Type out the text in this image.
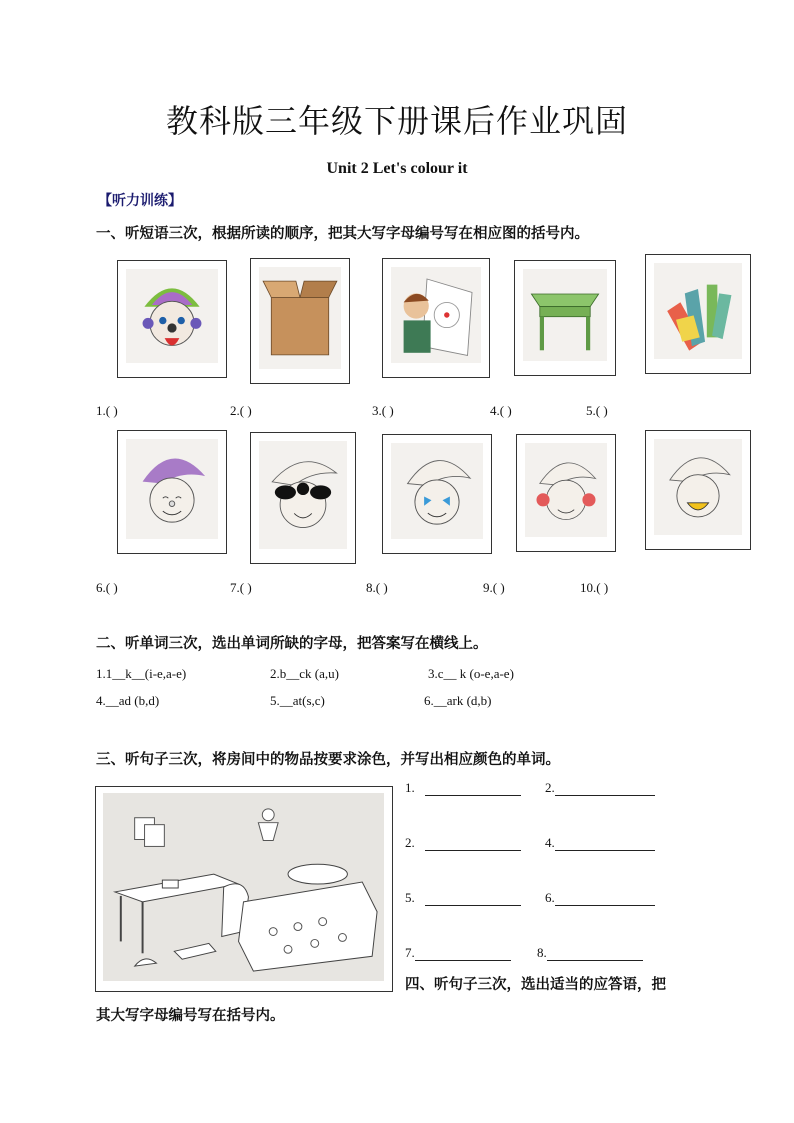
教科版三年级下册课后作业巩固
Unit 2 Let's colour it
【听力训练】
一、听短语三次，根据所读的顺序，把其大写字母编号写在相应图的括号内。
1.( )	2.( )	3.( )	4.( )	5.( )
6.( )	7.( )	8.( )	9.( )	10.( )
二、听单词三次，选出单词所缺的字母，把答案写在横线上。
1.1__k__(i-e,a-e)	2.b__ck (a,u)	3.c__ k (o-e,a-e)
4.__ad (b,d)	5.__at(s,c)	6.__ark (d,b)
三、听句子三次，将房间中的物品按要求涂色，并写出相应颜色的单词。
1.	2.
2.	4.
5.	6.
7.	8.
四、听句子三次，选出适当的应答语，把
其大写字母编号写在括号内。
